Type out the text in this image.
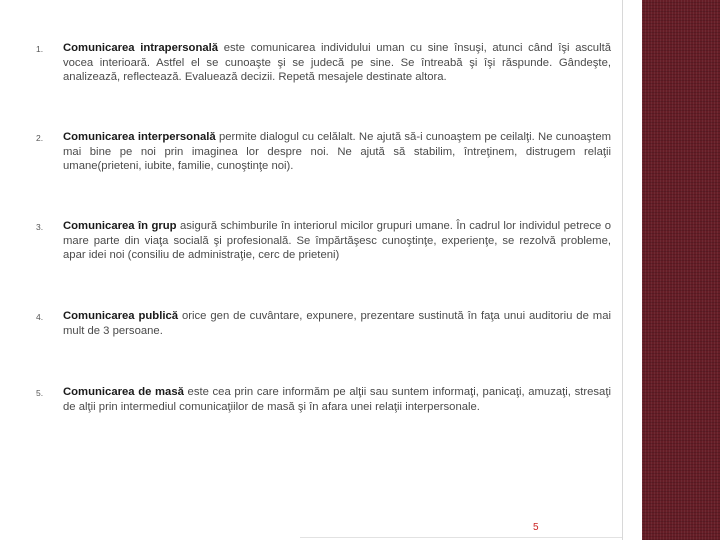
1. Comunicarea intrapersonală este comunicarea individului uman cu sine însuşi, atunci când îşi ascultă vocea interioară. Astfel el se cunoaşte şi se judecă pe sine. Se întreabă şi îşi răspunde. Gândeşte, analizează, reflectează. Evaluează decizii. Repetă mesajele destinate altora.
2. Comunicarea interpersonală permite dialogul cu celălalt. Ne ajută să-i cunoaştem pe ceilalţi. Ne cunoaştem mai bine pe noi prin imaginea lor despre noi. Ne ajută să stabilim, întreţinem, distrugem relaţii umane(prieteni, iubite, familie, cunoştinţe noi).
3. Comunicarea în grup asigură schimburile în interiorul micilor grupuri umane. În cadrul lor individul petrece o mare parte din viaţa socială şi profesională. Se împărtăşesc cunoştinţe, experienţe, se rezolvă probleme, apar idei noi (consiliu de administraţie, cerc de prieteni)
4. Comunicarea publică orice gen de cuvântare, expunere, prezentare sustinută în faţa unui auditoriu de mai mult de 3 persoane.
5. Comunicarea de masă este cea prin care informăm pe alţii sau suntem informaţi, panicaţi, amuzaţi, stresaţi de alţii prin intermediul comunicaţiilor de masă şi în afara unei relaţii interpersonale.
5
